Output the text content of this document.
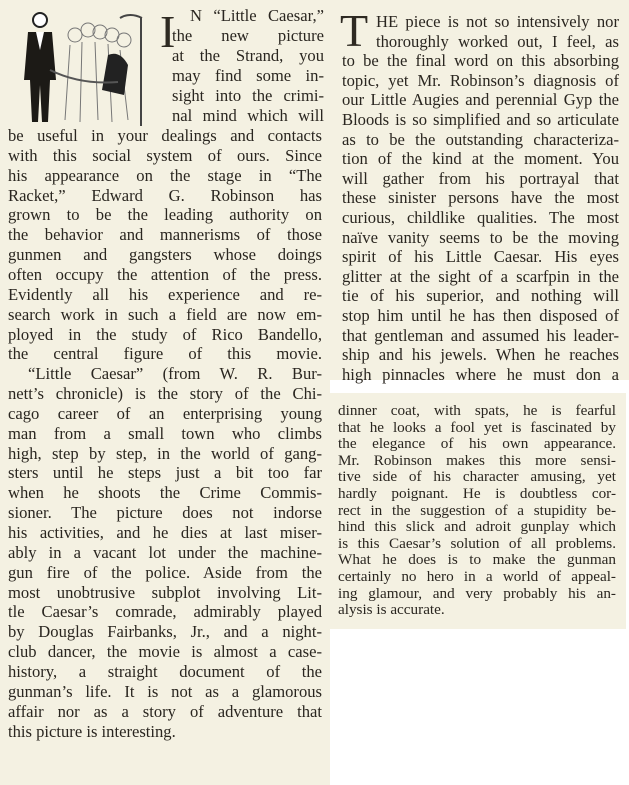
I N “Little Caesar,”
the new picture
at the Strand, you
may find some in-
sight into the crimi-
nal mind which will
be useful in your dealings and contacts
with this social system of ours. Since
his appearance on the stage in “The
Racket,” Edward G. Robinson has
grown to be the leading authority on
the behavior and mannerisms of those
gunmen and gangsters whose doings
often occupy the attention of the press.
Evidently all his experience and re-
search work in such a field are now em-
ployed in the study of Rico Bandello,
the central figure of this movie.
“Little Caesar” (from W. R. Bur-
nett’s chronicle) is the story of the Chi-
cago career of an enterprising young
man from a small town who climbs
high, step by step, in the world of gang-
sters until he steps just a bit too far
when he shoots the Crime Commis-
sioner. The picture does not indorse
his activities, and he dies at last miser-
ably in a vacant lot under the machine-
gun fire of the police. Aside from the
most unobtrusive subplot involving Lit-
tle Caesar’s comrade, admirably played
by Douglas Fairbanks, Jr., and a night-
club dancer, the movie is almost a case-
history, a straight document of the
gunman’s life. It is not as a glamorous
affair nor as a story of adventure that
this picture is interesting.
T HE piece is not so intensively nor
thoroughly worked out, I feel, as
to be the final word on this absorbing
topic, yet Mr. Robinson’s diagnosis of
our Little Augies and perennial Gyp the
Bloods is so simplified and so articulate
as to be the outstanding characteriza-
tion of the kind at the moment. You
will gather from his portrayal that
these sinister persons have the most
curious, childlike qualities. The most
naïve vanity seems to be the moving
spirit of his Little Caesar. His eyes
glitter at the sight of a scarfpin in the
tie of his superior, and nothing will
stop him until he has then disposed of
that gentleman and assumed his leader-
ship and his jewels. When he reaches
high pinnacles where he must don a
dinner coat, with spats, he is fearful
that he looks a fool yet is fascinated by
the elegance of his own appearance.
Mr. Robinson makes this more sensi-
tive side of his character amusing, yet
hardly poignant. He is doubtless cor-
rect in the suggestion of a stupidity be-
hind this slick and adroit gunplay which
is this Caesar’s solution of all problems.
What he does is to make the gunman
certainly no hero in a world of appeal-
ing glamour, and very probably his an-
alysis is accurate.
